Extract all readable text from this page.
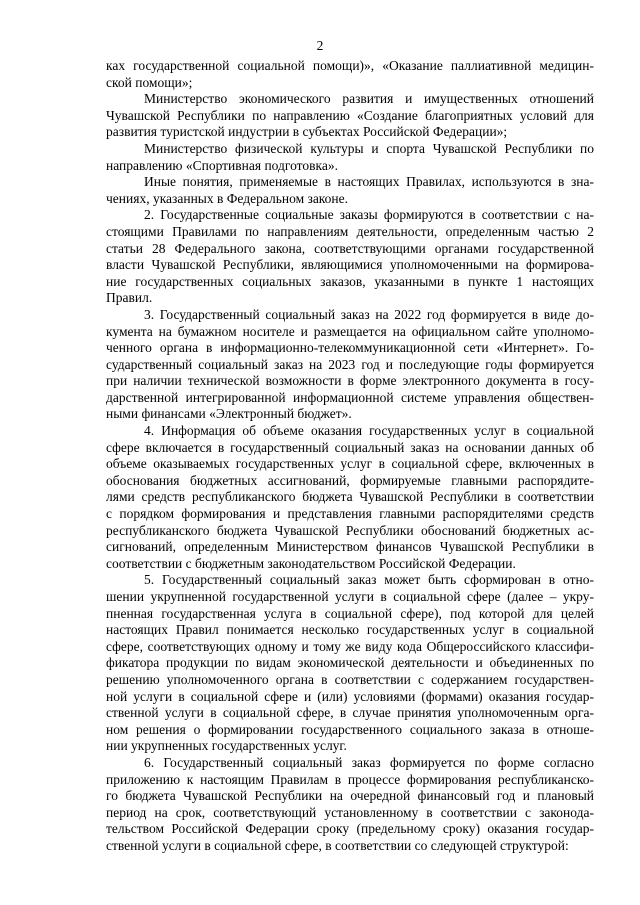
2
ках государственной социальной помощи)», «Оказание паллиативной медицин-
ской помощи»;
Министерство экономического развития и имущественных отношений
Чувашской Республики по направлению «Создание благоприятных условий для
развития туристской индустрии в субъектах Российской Федерации»;
Министерство физической культуры и спорта Чувашской Республики по
направлению «Спортивная подготовка».
Иные понятия, применяемые в настоящих Правилах, используются в зна-
чениях, указанных в Федеральном законе.
2. Государственные социальные заказы формируются в соответствии с на-
стоящими Правилами по направлениям деятельности, определенным частью 2
статьи 28 Федерального закона, соответствующими органами государственной
власти Чувашской Республики, являющимися уполномоченными на формирова-
ние государственных социальных заказов, указанными в пункте 1 настоящих
Правил.
3. Государственный социальный заказ на 2022 год формируется в виде до-
кумента на бумажном носителе и размещается на официальном сайте уполномо-
ченного органа в информационно-телекоммуникационной сети «Интернет». Го-
сударственный социальный заказ на 2023 год и последующие годы формируется
при наличии технической возможности в форме электронного документа в госу-
дарственной интегрированной информационной системе управления обществен-
ными финансами «Электронный бюджет».
4. Информация об объеме оказания государственных услуг в социальной
сфере включается в государственный социальный заказ на основании данных об
объеме оказываемых государственных услуг в социальной сфере, включенных в
обоснования бюджетных ассигнований, формируемые главными распорядите-
лями средств республиканского бюджета Чувашской Республики в соответствии
с порядком формирования и представления главными распорядителями средств
республиканского бюджета Чувашской Республики обоснований бюджетных ас-
сигнований, определенным Министерством финансов Чувашской Республики в
соответствии с бюджетным законодательством Российской Федерации.
5. Государственный социальный заказ может быть сформирован в отно-
шении укрупненной государственной услуги в социальной сфере (далее – укру-
пненная государственная услуга в социальной сфере), под которой для целей
настоящих Правил понимается несколько государственных услуг в социальной
сфере, соответствующих одному и тому же виду кода Общероссийского классифи-
фикатора продукции по видам экономической деятельности и объединенных по
решению уполномоченного органа в соответствии с содержанием государствен-
ной услуги в социальной сфере и (или) условиями (формами) оказания государ-
ственной услуги в социальной сфере, в случае принятия уполномоченным орга-
ном решения о формировании государственного социального заказа в отноше-
нии укрупненных государственных услуг.
6. Государственный социальный заказ формируется по форме согласно
приложению к настоящим Правилам в процессе формирования республиканско-
го бюджета Чувашской Республики на очередной финансовый год и плановый
период на срок, соответствующий установленному в соответствии с законода-
тельством Российской Федерации сроку (предельному сроку) оказания государ-
ственной услуги в социальной сфере, в соответствии со следующей структурой:
